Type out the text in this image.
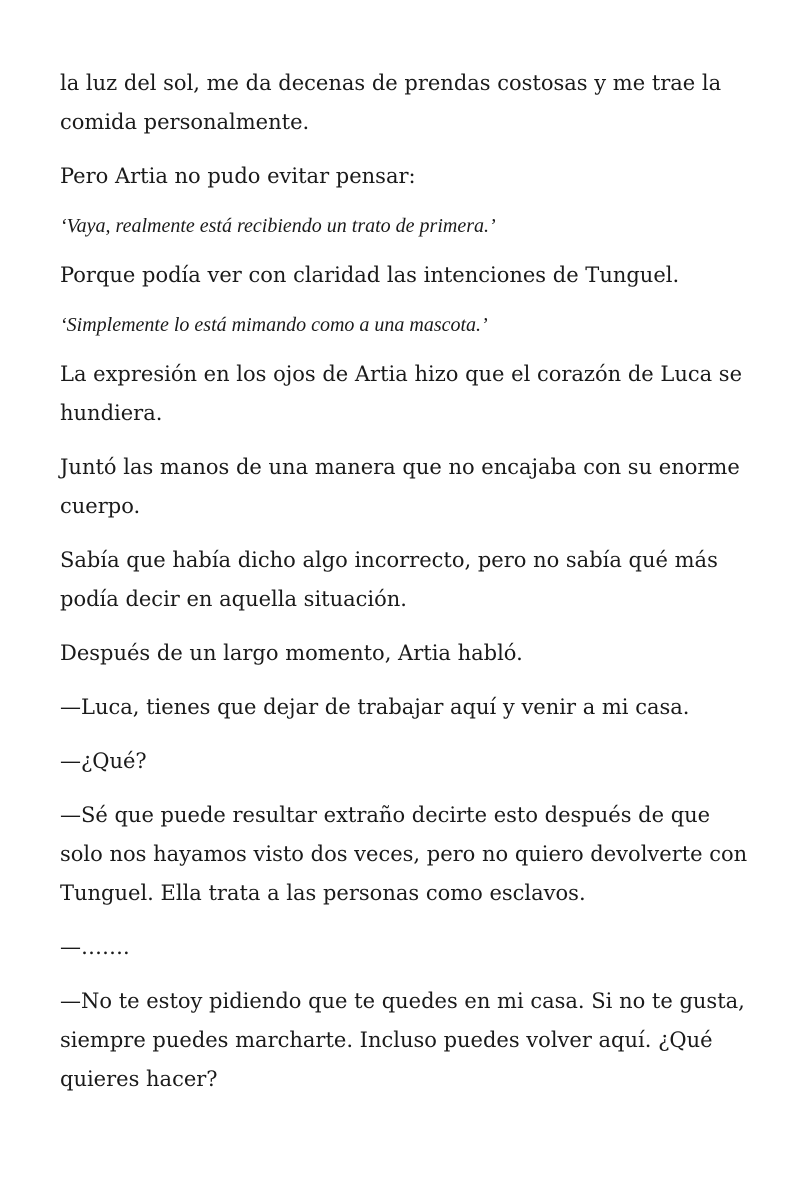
la luz del sol, me da decenas de prendas costosas y me trae la comida personalmente.

Pero Artia no pudo evitar pensar:

‘Vaya, realmente está recibiendo un trato de primera.’

Porque podía ver con claridad las intenciones de Tunguel.

‘Simplemente lo está mimando como a una mascota.’

La expresión en los ojos de Artia hizo que el corazón de Luca se hundiera.

Juntó las manos de una manera que no encajaba con su enorme cuerpo.

Sabía que había dicho algo incorrecto, pero no sabía qué más podía decir en aquella situación.

Después de un largo momento, Artia habló.

—Luca, tienes que dejar de trabajar aquí y venir a mi casa.

—¿Qué?

—Sé que puede resultar extraño decirte esto después de que solo nos hayamos visto dos veces, pero no quiero devolverte con Tunguel. Ella trata a las personas como esclavos.

—…….

—No te estoy pidiendo que te quedes en mi casa. Si no te gusta, siempre puedes marcharte. Incluso puedes volver aquí. ¿Qué quieres hacer?
